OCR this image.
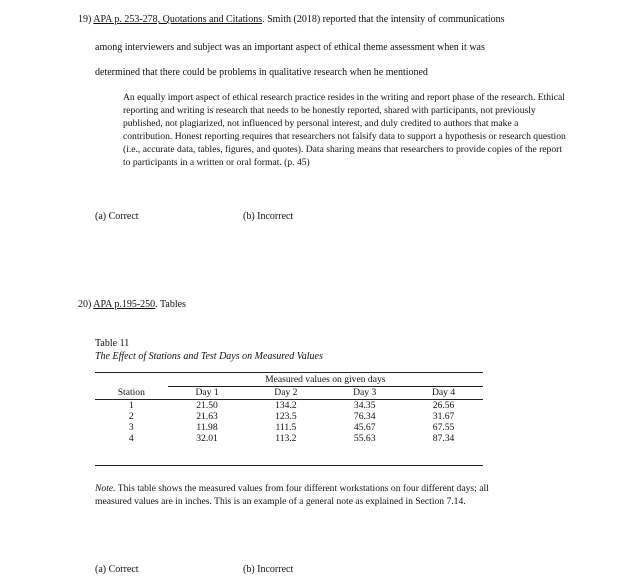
19) APA p. 253-278, Quotations and Citations. Smith (2018) reported that the intensity of communications
among interviewers and subject was an important aspect of ethical theme assessment when it was
determined that there could be problems in qualitative research when he mentioned
An equally import aspect of ethical research practice resides in the writing and report phase of the research. Ethical reporting and writing is research that needs to be honestly reported, shared with participants, not previously published, not plagiarized, not influenced by personal interest, and duly credited to authors that make a contribution. Honest reporting requires that researchers not falsify data to support a hypothesis or research question (i.e., accurate data, tables, figures, and quotes). Data sharing means that researchers to provide copies of the report to participants in a written or oral format. (p. 45)
(a) Correct	(b) Incorrect
20) APA p.195-250. Tables
Table 11
The Effect of Stations and Test Days on Measured Values
	Measured values on given days			
Station	Day 1	Day 2	Day 3	Day 4
1	21.50	134.2	34.35	26.56
2	21.63	123.5	76.34	31.67
3	11.98	111.5	45.67	67.55
4	32.01	113.2	55.63	87.34
Note. This table shows the measured values from four different workstations on four different days; all measured values are in inches. This is an example of a general note as explained in Section 7.14.
(a) Correct	(b) Incorrect
